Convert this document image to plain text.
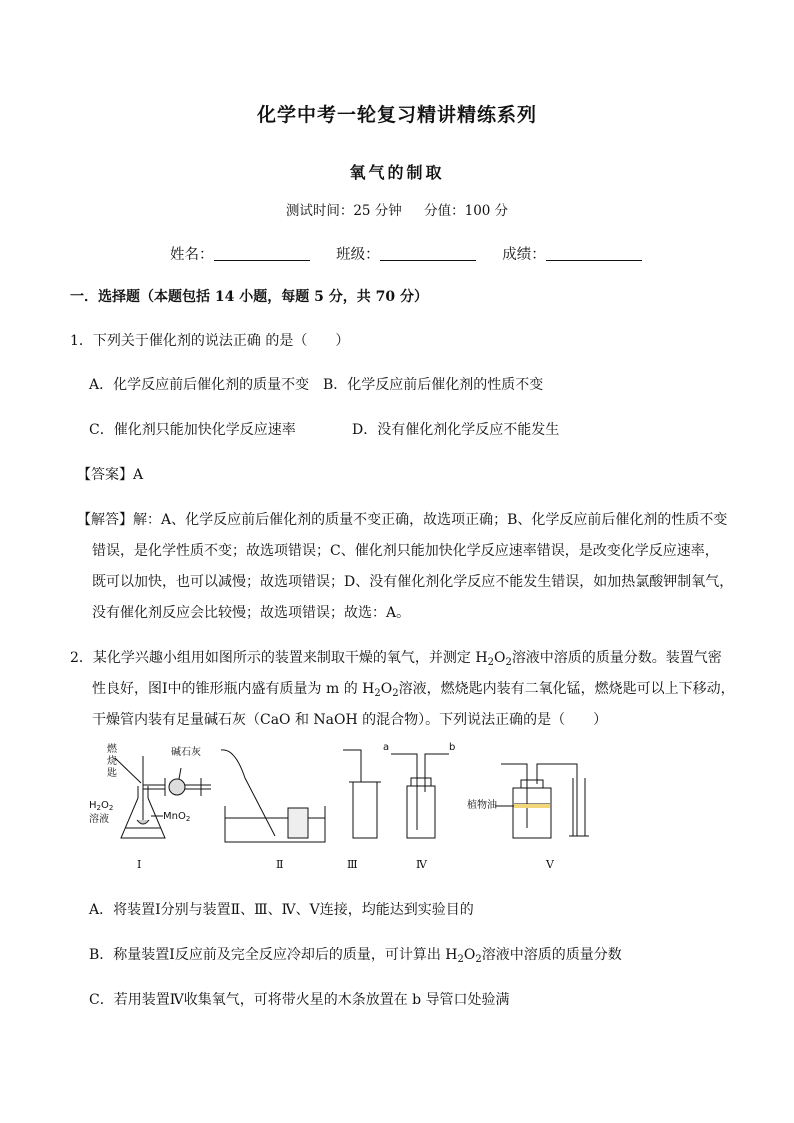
化学中考一轮复习精讲精练系列
氧气的制取
测试时间：25 分钟 分值：100 分
姓名：	班级：	成绩：
一．选择题（本题包括 14 小题，每题 5 分，共 70 分）
1．下列关于催化剂的说法正确 的是（　　）
A．化学反应前后催化剂的质量不变 B．化学反应前后催化剂的性质不变
C．催化剂只能加快化学反应速率	D．没有催化剂化学反应不能发生
【答案】A
【解答】解：A、化学反应前后催化剂的质量不变正确，故选项正确；B、化学反应前后催化剂的性质不变
错误，是化学性质不变；故选项错误；C、催化剂只能加快化学反应速率错误，是改变化学反应速率，
既可以加快，也可以减慢；故选项错误；D、没有催化剂化学反应不能发生错误，如加热氯酸钾制氧气，
没有催化剂反应会比较慢；故选项错误；故选：A。
2．某化学兴趣小组用如图所示的装置来制取干燥的氧气，并测定 $H_2O_2$溶液中溶质的质量分数。装置气密
性良好，图Ⅰ中的锥形瓶内盛有质量为 m 的 $H_2O_2$溶液，燃烧匙内装有二氧化锰，燃烧匙可以上下移动，
干燥管内装有足量碱石灰（CaO 和 NaOH 的混合物）。下列说法正确的是（　　）
燃
烧
匙
碱石灰
$H_2O_2$
溶液	MnO$_2$
Ⅰ	Ⅱ	Ⅲ
a	b
Ⅳ
植物油
Ⅴ
A．将装置Ⅰ分别与装置Ⅱ、Ⅲ、Ⅳ、Ⅴ连接，均能达到实验目的
B．称量装置Ⅰ反应前及完全反应冷却后的质量，可计算出 $H_2O_2$溶液中溶质的质量分数
C．若用装置Ⅳ收集氧气，可将带火星的木条放置在 b 导管口处验满
